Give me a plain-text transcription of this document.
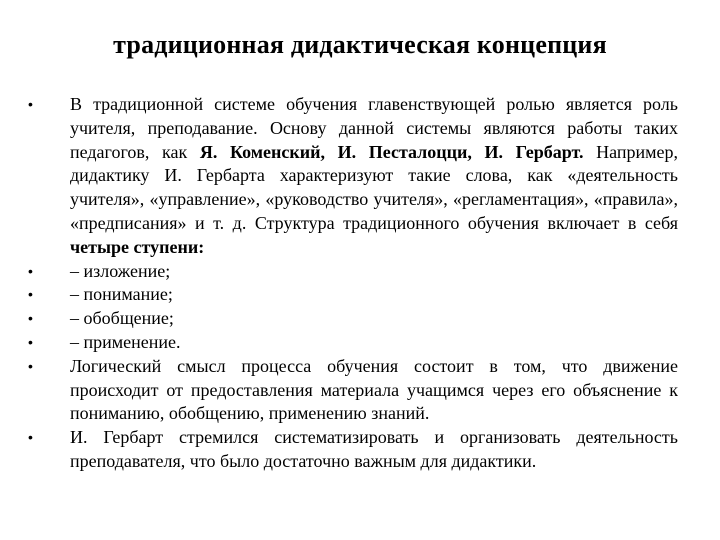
традиционная дидактическая концепция
• В традиционной системе обучения главенствующей ролью является роль учителя, преподавание. Основу данной системы являются работы таких педагогов, как Я. Коменский, И. Песталоцци, И. Гербарт. Например, дидактику И. Гербарта характеризуют такие слова, как «деятельность учителя», «управление», «руководство учителя», «регламентация», «правила», «предписания» и т. д. Структура традиционного обучения включает в себя четыре ступени:
• – изложение;
• – понимание;
• – обобщение;
• – применение.
• Логический смысл процесса обучения состоит в том, что движение происходит от предоставления материала учащимся через его объяснение к пониманию, обобщению, применению знаний.
• И. Гербарт стремился систематизировать и организовать деятельность преподавателя, что было достаточно важным для дидактики.
